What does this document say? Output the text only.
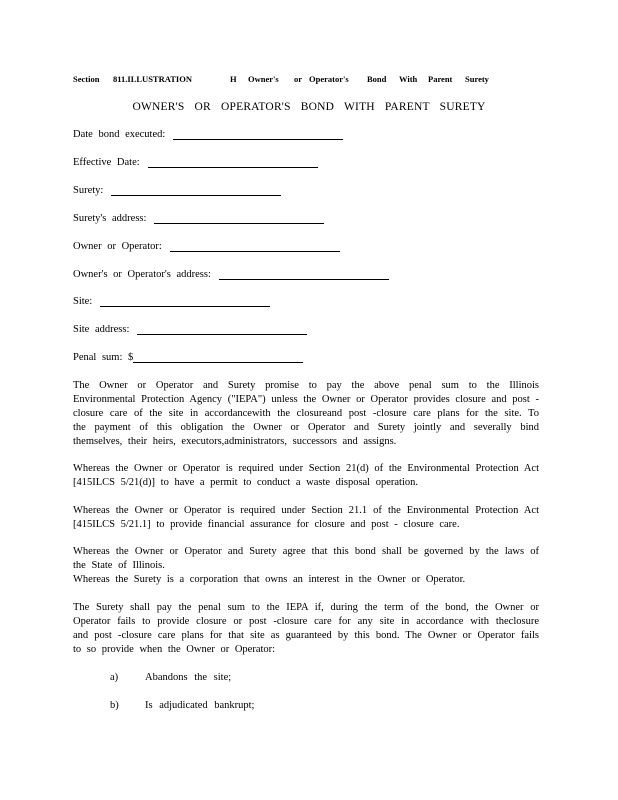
Section 811.ILLUSTRATION	H Owner's or Operator's Bond With Parent Surety
OWNER'S OR OPERATOR'S BOND WITH PARENT SURETY
Date bond executed:
Effective Date:
Surety:
Surety's address:
Owner or Operator:
Owner's or Operator's address:
Site:
Site address:
Penal sum: $
The Owner or Operator and Surety promise to pay the above penal sum to the Illinois Environmental Protection Agency ("IEPA") unless the Owner or Operator provides closure and post -closure care of the site in accordancewith the closureand post -closure care plans for the site. To the payment of this obligation the Owner or Operator and Surety jointly and severally bind themselves, their heirs, executors,administrators, successors and assigns.
Whereas the Owner or Operator is required under Section 21(d) of the Environmental Protection Act [415ILCS 5/21(d)] to have a permit to conduct a waste disposal operation.
Whereas the Owner or Operator is required under Section 21.1 of the Environmental Protection Act [415ILCS 5/21.1] to provide financial assurance for closure and post - closure care.
Whereas the Owner or Operator and Surety agree that this bond shall be governed by the laws of the State of Illinois.
Whereas the Surety is a corporation that owns an interest in the Owner or Operator.
The Surety shall pay the penal sum to the IEPA if, during the term of the bond, the Owner or Operator fails to provide closure or post -closure care for any site in accordance with theclosure and post -closure care plans for that site as guaranteed by this bond. The Owner or Operator fails to so provide when the Owner or Operator:
a)	Abandons the site;
b)	Is adjudicated bankrupt;
